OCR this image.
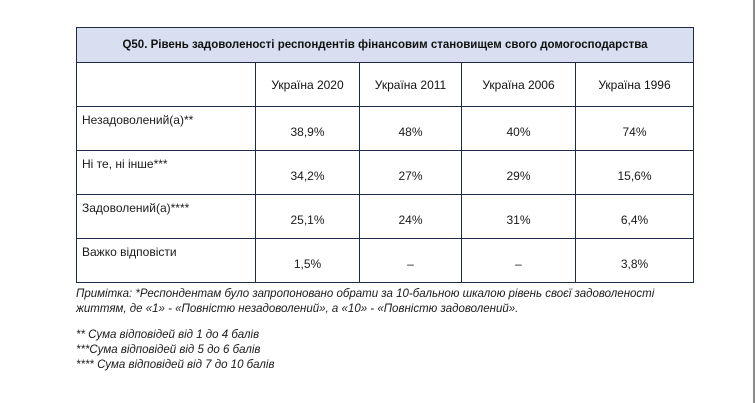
Q50. Рівень задоволеності респондентів фінансовим становищем свого домогосподарства				
	Україна 2020	Україна 2011	Україна 2006	Україна 1996
Незадоволений(а)**	38,9%	48%	40%	74%
Ні те, ні інше***	34,2%	27%	29%	15,6%
Задоволений(а)****	25,1%	24%	31%	6,4%
Важко відповісти	1,5%	–	–	3,8%

Примітка: *Респондентам було запропоновано обрати за 10-бальною шкалою рівень своєї задоволеності життям, де «1» - «Повністю незадоволений», а «10» - «Повністю задоволений».

** Сума відповідей від 1 до 4 балів

***Сума відповідей від 5 до 6 балів

**** Сума відповідей від 7 до 10 балів
